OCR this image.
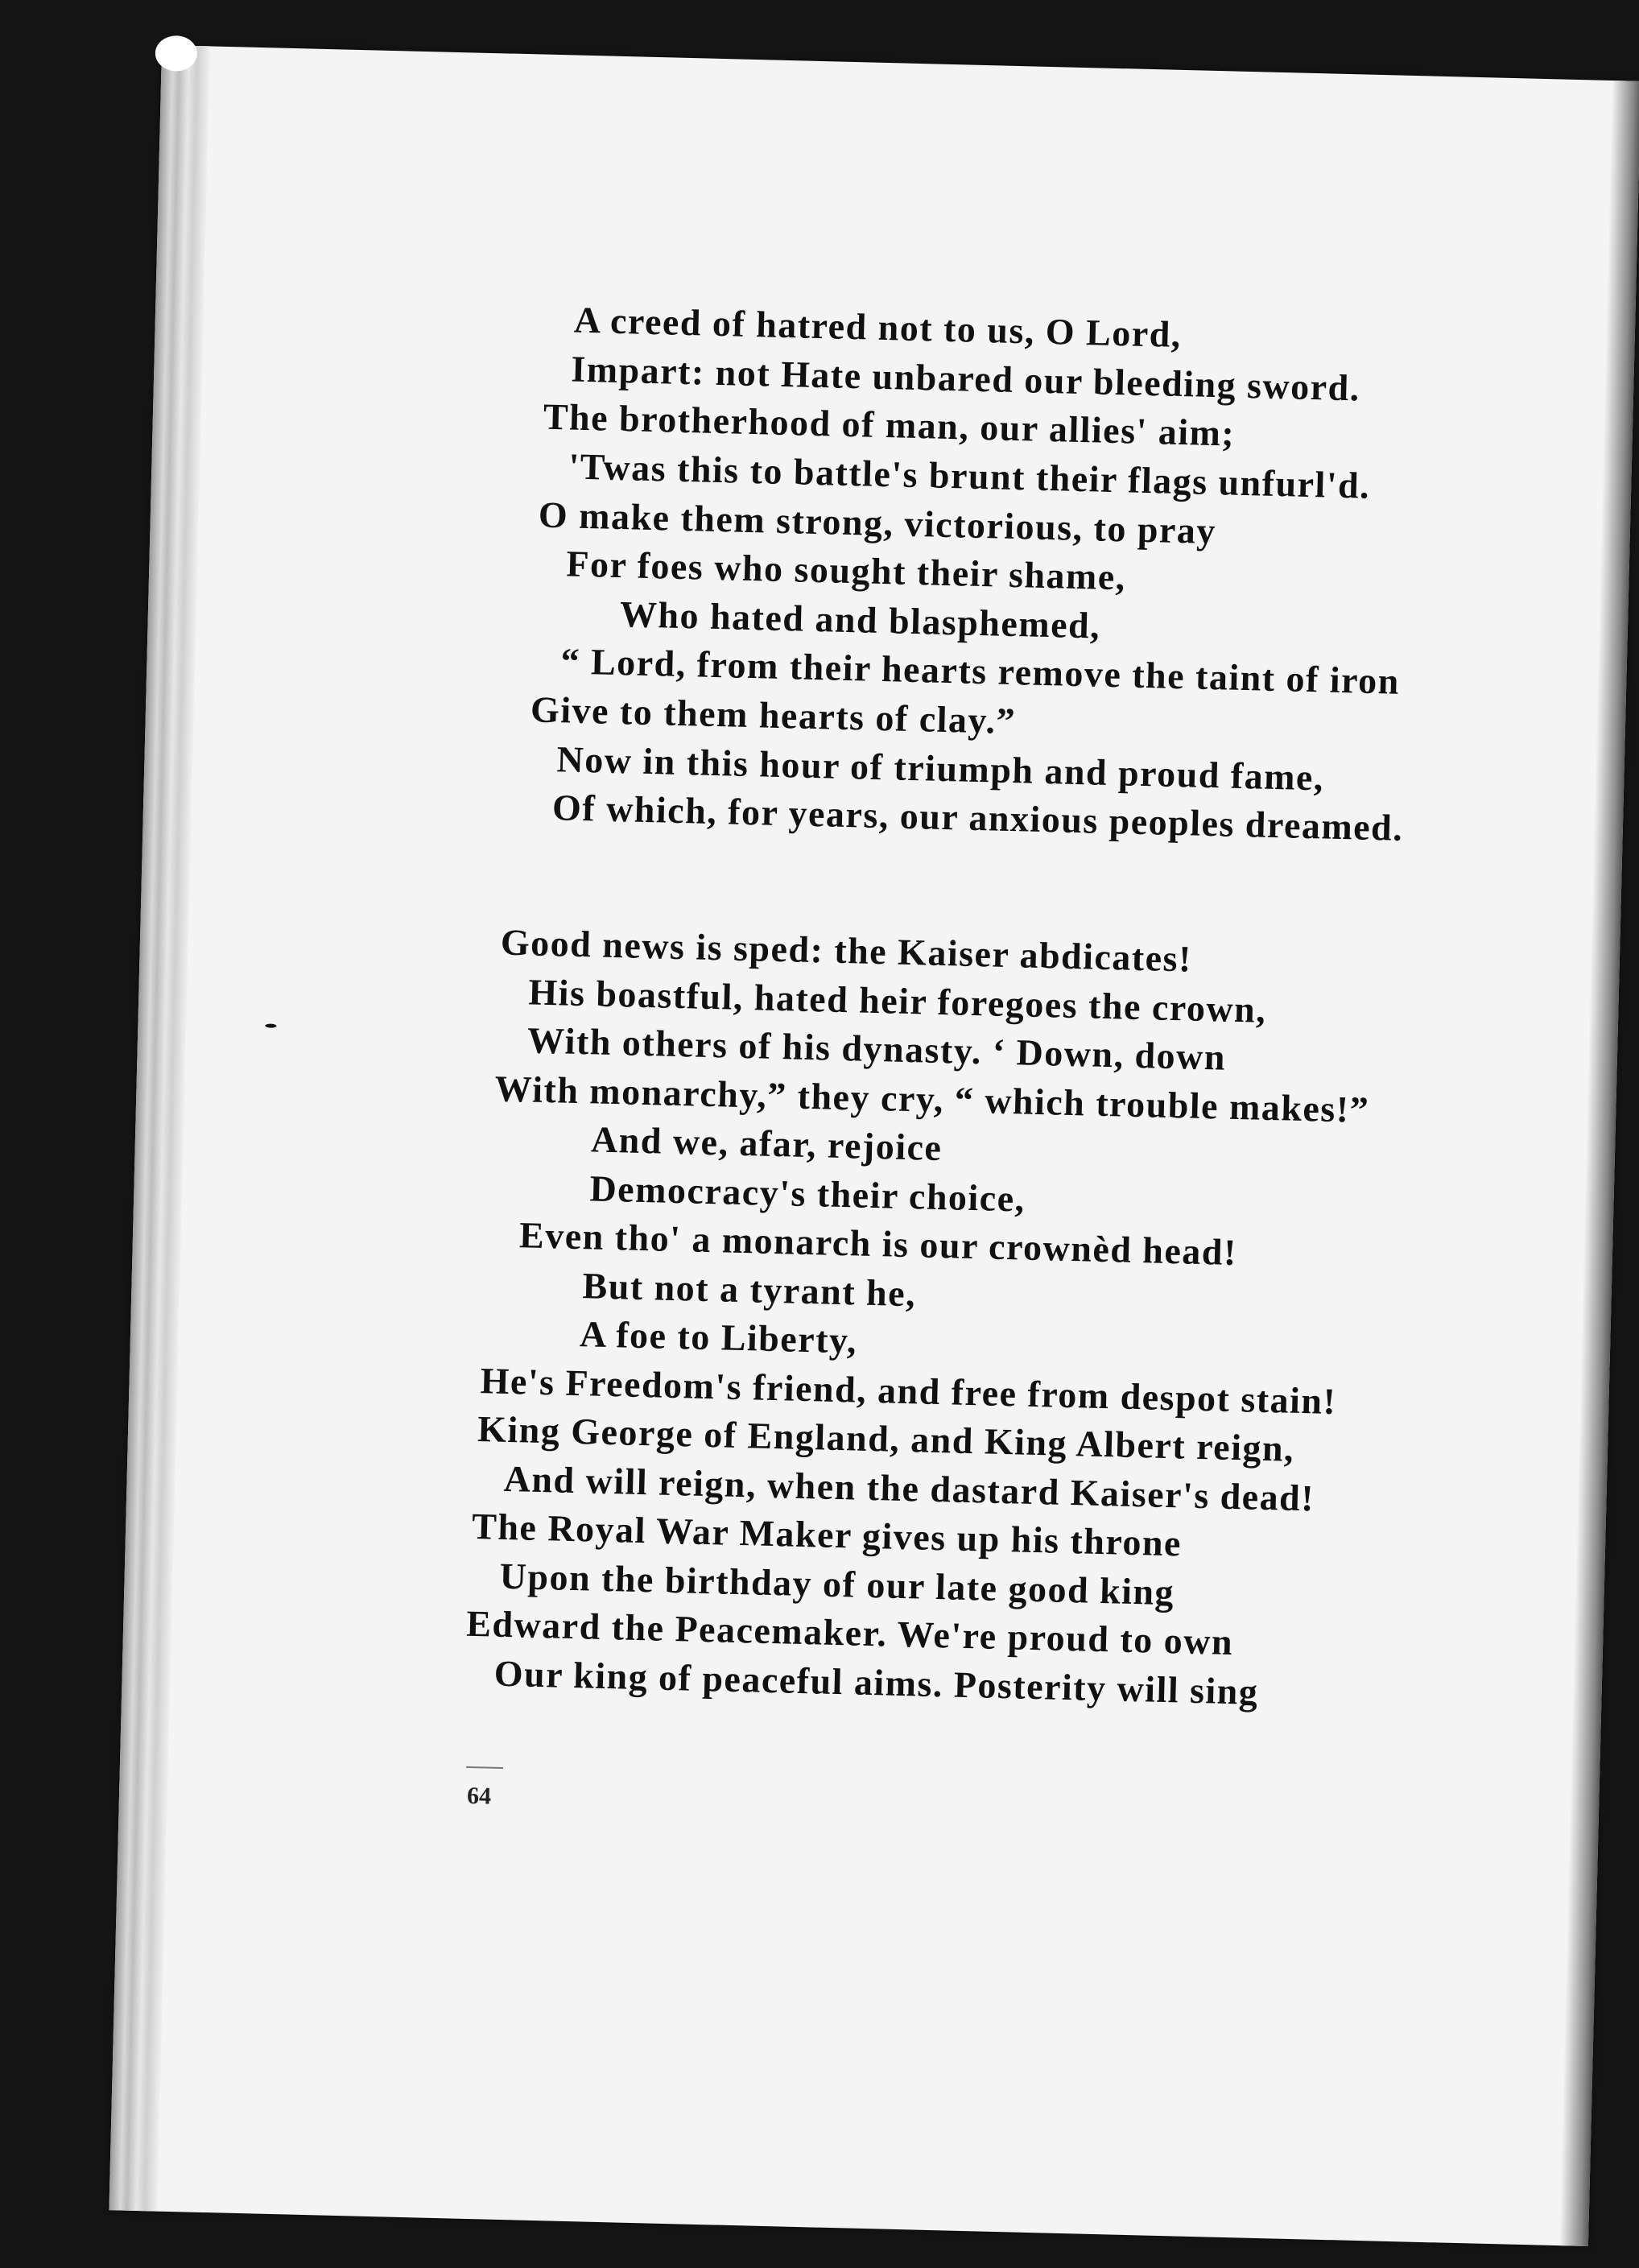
A creed of hatred not to us, O Lord,
Impart: not Hate unbared our bleeding sword.
The brotherhood of man, our allies' aim;
'Twas this to battle's brunt their flags unfurl'd.
O make them strong, victorious, to pray
For foes who sought their shame,
Who hated and blasphemed,
“ Lord, from their hearts remove the taint of iron
Give to them hearts of clay.”
Now in this hour of triumph and proud fame,
Of which, for years, our anxious peoples dreamed.
Good news is sped: the Kaiser abdicates!
His boastful, hated heir foregoes the crown,
With others of his dynasty. ‘ Down, down
With monarchy,” they cry, “ which trouble makes!”
And we, afar, rejoice
Democracy's their choice,
Even tho' a monarch is our crownèd head!
But not a tyrant he,
A foe to Liberty,
He's Freedom's friend, and free from despot stain!
King George of England, and King Albert reign,
And will reign, when the dastard Kaiser's dead!
The Royal War Maker gives up his throne
Upon the birthday of our late good king
Edward the Peacemaker. We're proud to own
Our king of peaceful aims. Posterity will sing
64
